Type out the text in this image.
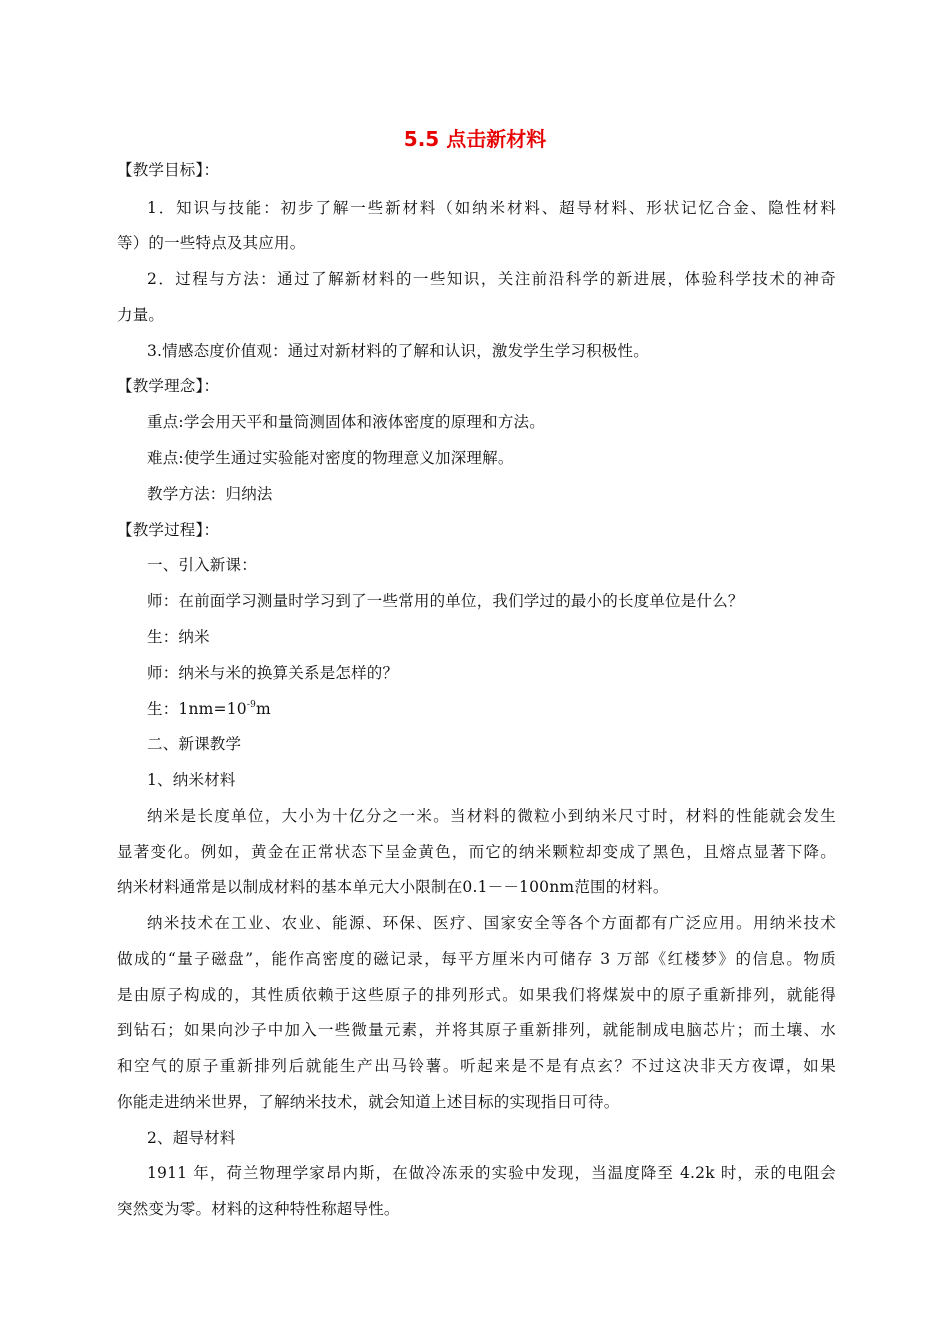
5.5 点击新材料
【教学目标】：
1．知识与技能：初步了解一些新材料（如纳米材料、超导材料、形状记忆合金、隐性材料
等）的一些特点及其应用。
2．过程与方法：通过了解新材料的一些知识，关注前沿科学的新进展，体验科学技术的神奇
力量。
3.情感态度价值观：通过对新材料的了解和认识，激发学生学习积极性。
【教学理念】：
重点:学会用天平和量筒测固体和液体密度的原理和方法。
难点:使学生通过实验能对密度的物理意义加深理解。
教学方法：归纳法
【教学过程】：
一、引入新课：
师：在前面学习测量时学习到了一些常用的单位，我们学过的最小的长度单位是什么？
生：纳米
师：纳米与米的换算关系是怎样的？
生：$1nm=10^{-9}m$
二、新课教学
1、纳米材料
纳米是长度单位，大小为十亿分之一米。当材料的微粒小到纳米尺寸时，材料的性能就会发生
显著变化。例如，黄金在正常状态下呈金黄色，而它的纳米颗粒却变成了黑色，且熔点显著下降。
纳米材料通常是以制成材料的基本单元大小限制在0.1－－100nm范围的材料。
纳米技术在工业、农业、能源、环保、医疗、国家安全等各个方面都有广泛应用。用纳米技术
做成的“量子磁盘”，能作高密度的磁记录，每平方厘米内可储存 3 万部《红楼梦》的信息。物质
是由原子构成的，其性质依赖于这些原子的排列形式。如果我们将煤炭中的原子重新排列，就能得
到钻石；如果向沙子中加入一些微量元素，并将其原子重新排列，就能制成电脑芯片；而土壤、水
和空气的原子重新排列后就能生产出马铃薯。听起来是不是有点玄？不过这决非天方夜谭，如果
你能走进纳米世界，了解纳米技术，就会知道上述目标的实现指日可待。
2、超导材料
1911 年，荷兰物理学家昂内斯，在做冷冻汞的实验中发现，当温度降至 4.2k 时，汞的电阻会
突然变为零。材料的这种特性称超导性。
